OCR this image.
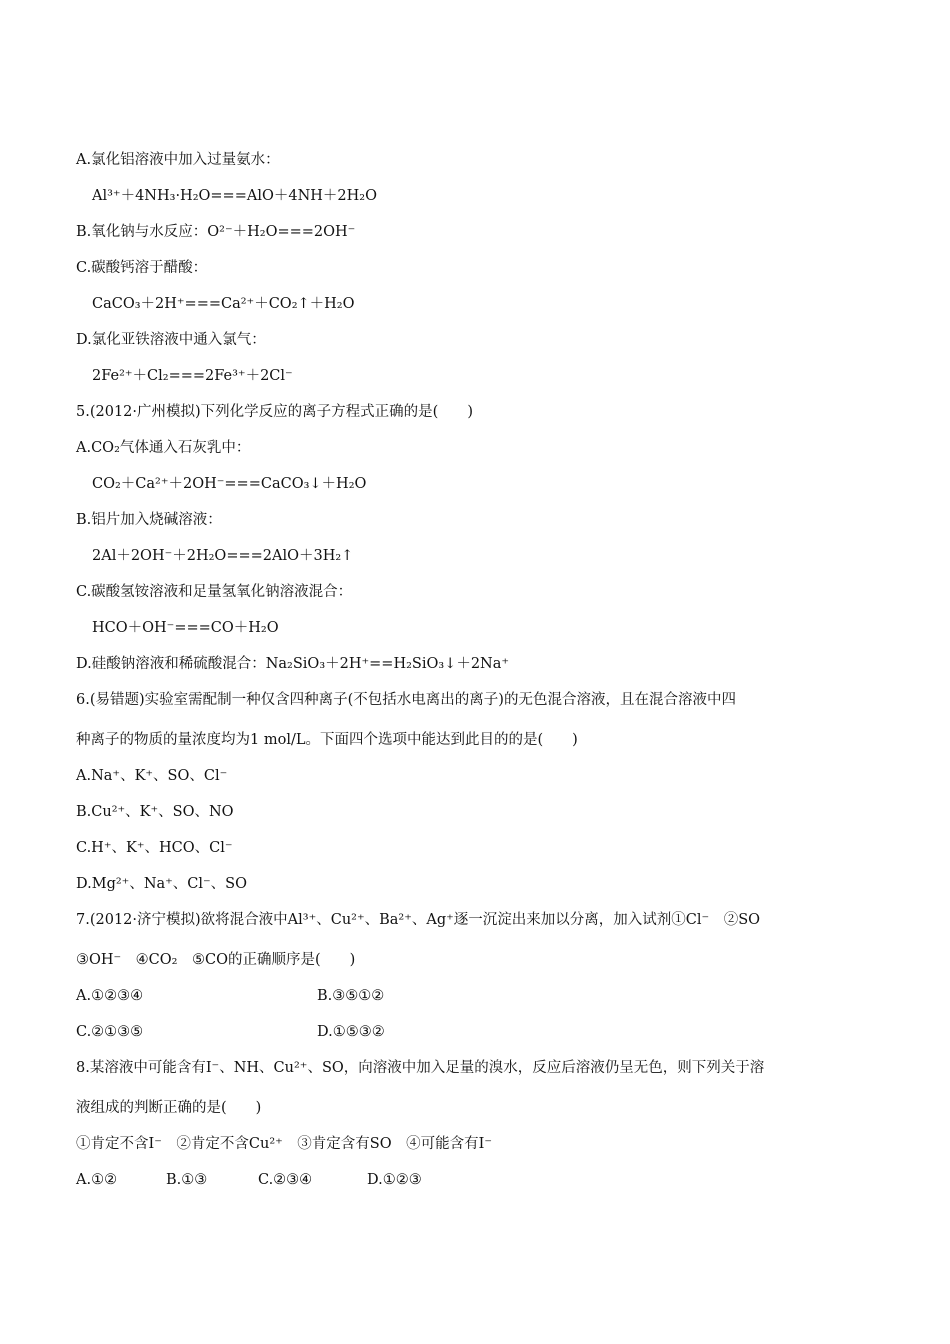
A.氯化铝溶液中加入过量氨水：
Al³⁺＋4NH₃·H₂O===AlO＋4NH＋2H₂O
B.氧化钠与水反应：O²⁻＋H₂O===2OH⁻
C.碳酸钙溶于醋酸：
CaCO₃＋2H⁺===Ca²⁺＋CO₂↑＋H₂O
D.氯化亚铁溶液中通入氯气：
2Fe²⁺＋Cl₂===2Fe³⁺＋2Cl⁻
5.(2012·广州模拟)下列化学反应的离子方程式正确的是(　　)
A.CO₂气体通入石灰乳中：
CO₂＋Ca²⁺＋2OH⁻===CaCO₃↓＋H₂O
B.铝片加入烧碱溶液：
2Al＋2OH⁻＋2H₂O===2AlO＋3H₂↑
C.碳酸氢铵溶液和足量氢氧化钠溶液混合：
HCO＋OH⁻===CO＋H₂O
D.硅酸钠溶液和稀硫酸混合：Na₂SiO₃＋2H⁺==H₂SiO₃↓＋2Na⁺
6.(易错题)实验室需配制一种仅含四种离子(不包括水电离出的离子)的无色混合溶液，且在混合溶液中四
种离子的物质的量浓度均为1 mol/L。下面四个选项中能达到此目的的是(　　)
A.Na⁺、K⁺、SO、Cl⁻
B.Cu²⁺、K⁺、SO、NO
C.H⁺、K⁺、HCO、Cl⁻
D.Mg²⁺、Na⁺、Cl⁻、SO
7.(2012·济宁模拟)欲将混合液中Al³⁺、Cu²⁺、Ba²⁺、Ag⁺逐一沉淀出来加以分离，加入试剂①Cl⁻　②SO
③OH⁻　④CO₂　⑤CO的正确顺序是(　　)
A.①②③④	B.③⑤①②
C.②①③⑤	D.①⑤③②
8.某溶液中可能含有I⁻、NH、Cu²⁺、SO，向溶液中加入足量的溴水，反应后溶液仍呈无色，则下列关于溶
液组成的判断正确的是(　　)
①肯定不含I⁻　②肯定不含Cu²⁺　③肯定含有SO　④可能含有I⁻
A.①②	B.①③	C.②③④	D.①②③
